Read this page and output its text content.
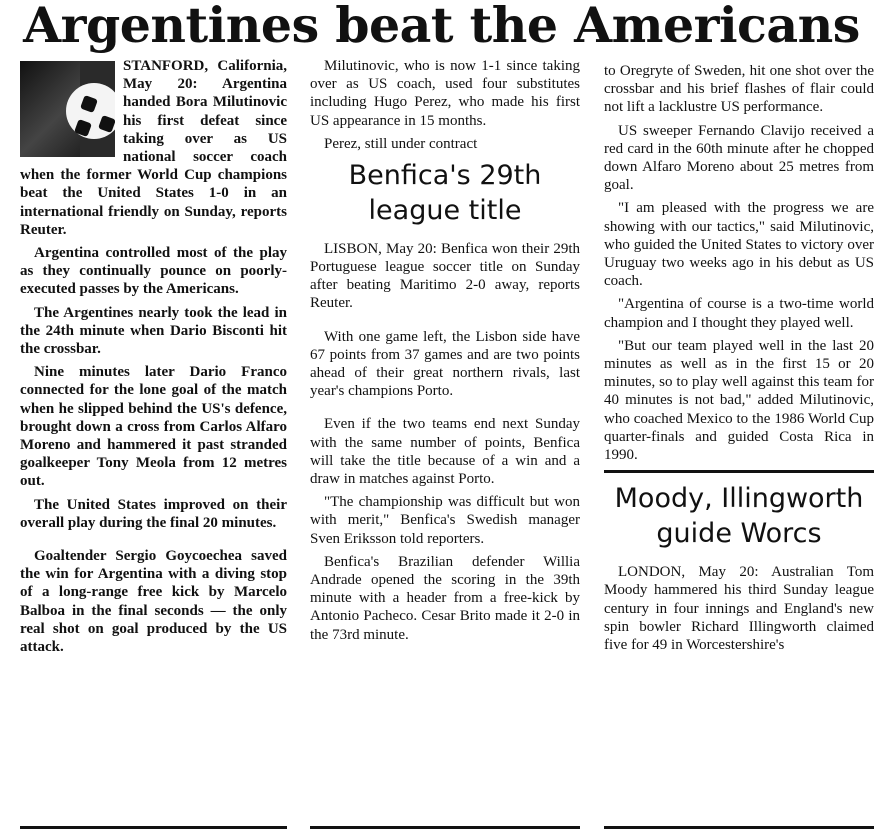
Argentines beat the Americans

STANFORD, California, May 20: Argentina handed Bora Milutinovic his first defeat since taking over as US national soccer coach when the former World Cup champions beat the United States 1-0 in an international friendly on Sunday, reports Reuter.

Argentina controlled most of the play as they continually pounce on poorly-executed passes by the Americans.

The Argentines nearly took the lead in the 24th minute when Dario Bisconti hit the crossbar.

Nine minutes later Dario Franco connected for the lone goal of the match when he slipped behind the US's defence, brought down a cross from Carlos Alfaro Moreno and hammered it past stranded goalkeeper Tony Meola from 12 metres out.

The United States improved on their overall play during the final 20 minutes.

Goaltender Sergio Goycoechea saved the win for Argentina with a diving stop of a long-range free kick by Marcelo Balboa in the final seconds — the only real shot on goal produced by the US attack.

Milutinovic, who is now 1-1 since taking over as US coach, used four substitutes including Hugo Perez, who made his first US appearance in 15 months.

Perez, still under contract

Benfica's 29th league title

LISBON, May 20: Benfica won their 29th Portuguese league soccer title on Sunday after beating Maritimo 2-0 away, reports Reuter.

With one game left, the Lisbon side have 67 points from 37 games and are two points ahead of their great northern rivals, last year's champions Porto.

Even if the two teams end next Sunday with the same number of points, Benfica will take the title because of a win and a draw in matches against Porto.

"The championship was difficult but won with merit," Benfica's Swedish manager Sven Eriksson told reporters.

Benfica's Brazilian defender Willia Andrade opened the scoring in the 39th minute with a header from a free-kick by Antonio Pacheco. Cesar Brito made it 2-0 in the 73rd minute.

to Oregryte of Sweden, hit one shot over the crossbar and his brief flashes of flair could not lift a lacklustre US performance.

US sweeper Fernando Clavijo received a red card in the 60th minute after he chopped down Alfaro Moreno about 25 metres from goal.

"I am pleased with the progress we are showing with our tactics," said Milutinovic, who guided the United States to victory over Uruguay two weeks ago in his debut as US coach.

"Argentina of course is a two-time world champion and I thought they played well.

"But our team played well in the last 20 minutes as well as in the first 15 or 20 minutes, so to play well against this team for 40 minutes is not bad," added Milutinovic, who coached Mexico to the 1986 World Cup quarter-finals and guided Costa Rica in 1990.

Moody, Illingworth guide Worcs

LONDON, May 20: Australian Tom Moody hammered his third Sunday league century in four innings and England's new spin bowler Richard Illingworth claimed five for 49 in Worcestershire's
